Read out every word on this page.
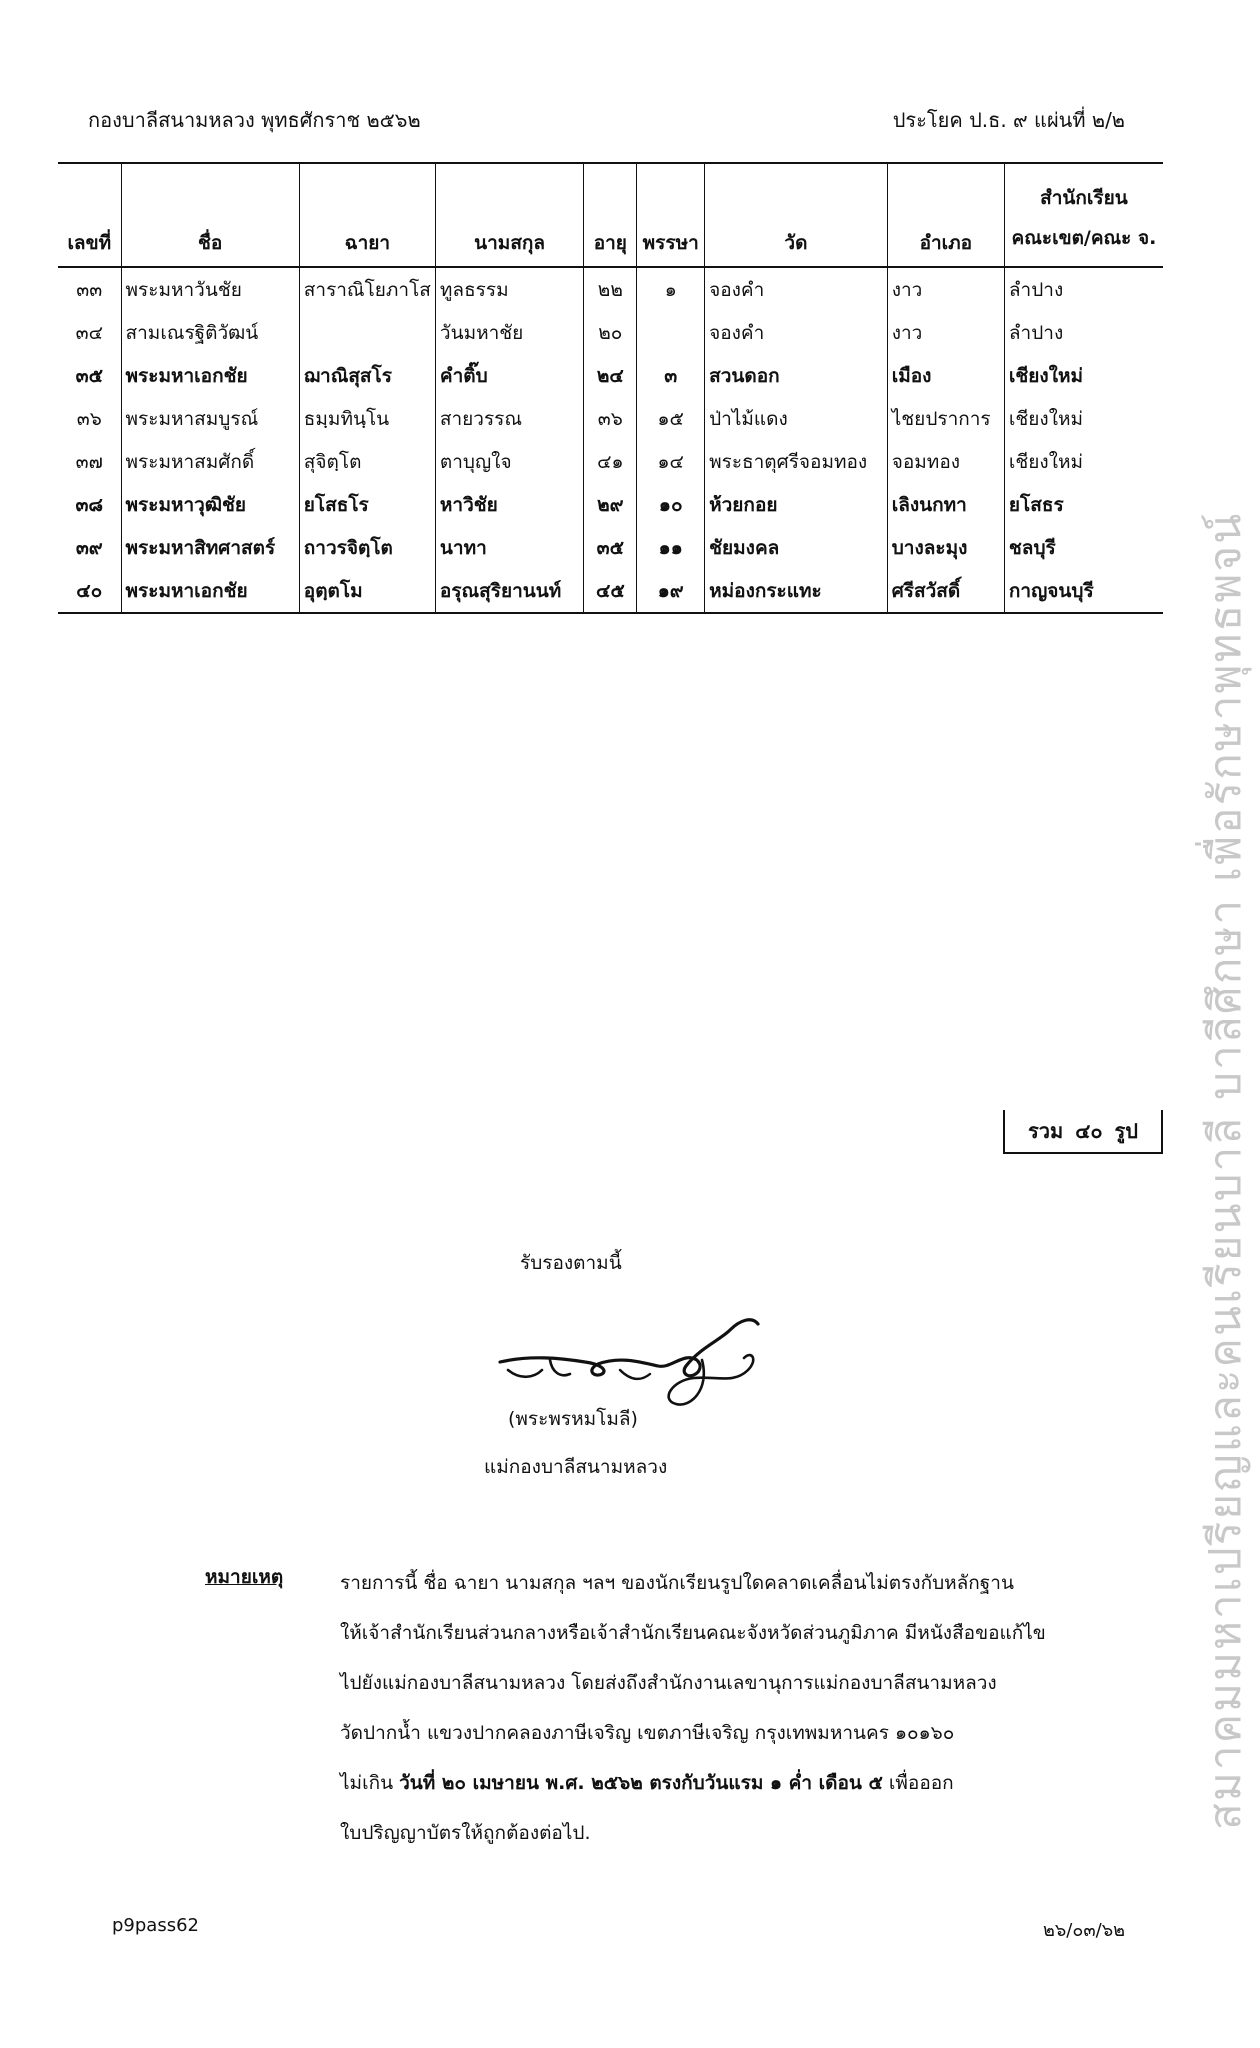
กองบาลีสนามหลวง พุทธศักราช ๒๕๖๒	ประโยค ป.ธ. ๙ แผ่นที่ ๒/๒
เลขที่	ชื่อ	ฉายา	นามสกุล	อายุ	พรรษา	วัด	อำเภอ	สำนักเรียน
คณะเขต/คณะ จ.

๓๓	พระมหาวันชัย	สาราณิโยภาโส	ทูลธรรม	๒๒	๑	จองคำ	งาว	ลำปาง
๓๔	สามเณรฐิติวัฒน์		วันมหาชัย	๒๐		จองคำ	งาว	ลำปาง
๓๕	พระมหาเอกชัย	ฌาณิสุสโร	คำติ๊บ	๒๔	๓	สวนดอก	เมือง	เชียงใหม่
๓๖	พระมหาสมบูรณ์	ธมฺมทินฺโน	สายวรรณ	๓๖	๑๕	ป่าไม้แดง	ไชยปราการ	เชียงใหม่
๓๗	พระมหาสมศักดิ์	สุจิตฺโต	ตาบุญใจ	๔๑	๑๔	พระธาตุศรีจอมทอง	จอมทอง	เชียงใหม่
๓๘	พระมหาวุฒิชัย	ยโสธโร	หาวิชัย	๒๙	๑๐	ห้วยกอย	เลิงนกทา	ยโสธร
๓๙	พระมหาสิทศาสตร์	ถาวรจิตฺโต	นาทา	๓๕	๑๑	ชัยมงคล	บางละมุง	ชลบุรี
๔๐	พระมหาเอกชัย	อุตฺตโม	อรุณสุริยานนท์	๔๕	๑๙	หม่องกระแทะ	ศรีสวัสดิ์	กาญจนบุรี
รวม ๔๐ รูป
รับรองตามนี้
(พระพรหมโมลี)
แม่กองบาลีสนามหลวง
หมายเหตุ	รายการนี้ ชื่อ ฉายา นามสกุล ฯลฯ ของนักเรียนรูปใดคลาดเคลื่อนไม่ตรงกับหลักฐาน
ให้เจ้าสำนักเรียนส่วนกลางหรือเจ้าสำนักเรียนคณะจังหวัดส่วนภูมิภาค มีหนังสือขอแก้ไข
ไปยังแม่กองบาลีสนามหลวง โดยส่งถึงสำนักงานเลขานุการแม่กองบาลีสนามหลวง
วัดปากน้ำ แขวงปากคลองภาษีเจริญ เขตภาษีเจริญ กรุงเทพมหานคร ๑๐๑๖๐
ไม่เกิน วันที่ ๒๐ เมษายน พ.ศ. ๒๕๖๒ ตรงกับวันแรม ๑ ค่ำ เดือน ๕ เพื่อออก
ใบปริญญาบัตรให้ถูกต้องต่อไป.
p9pass62	๒๖/๐๓/๖๒
สมาคมมหาเปรียญและคนเรียนบาลี บาลีศึกษา เพื่อรักษาพุทธพจน์
